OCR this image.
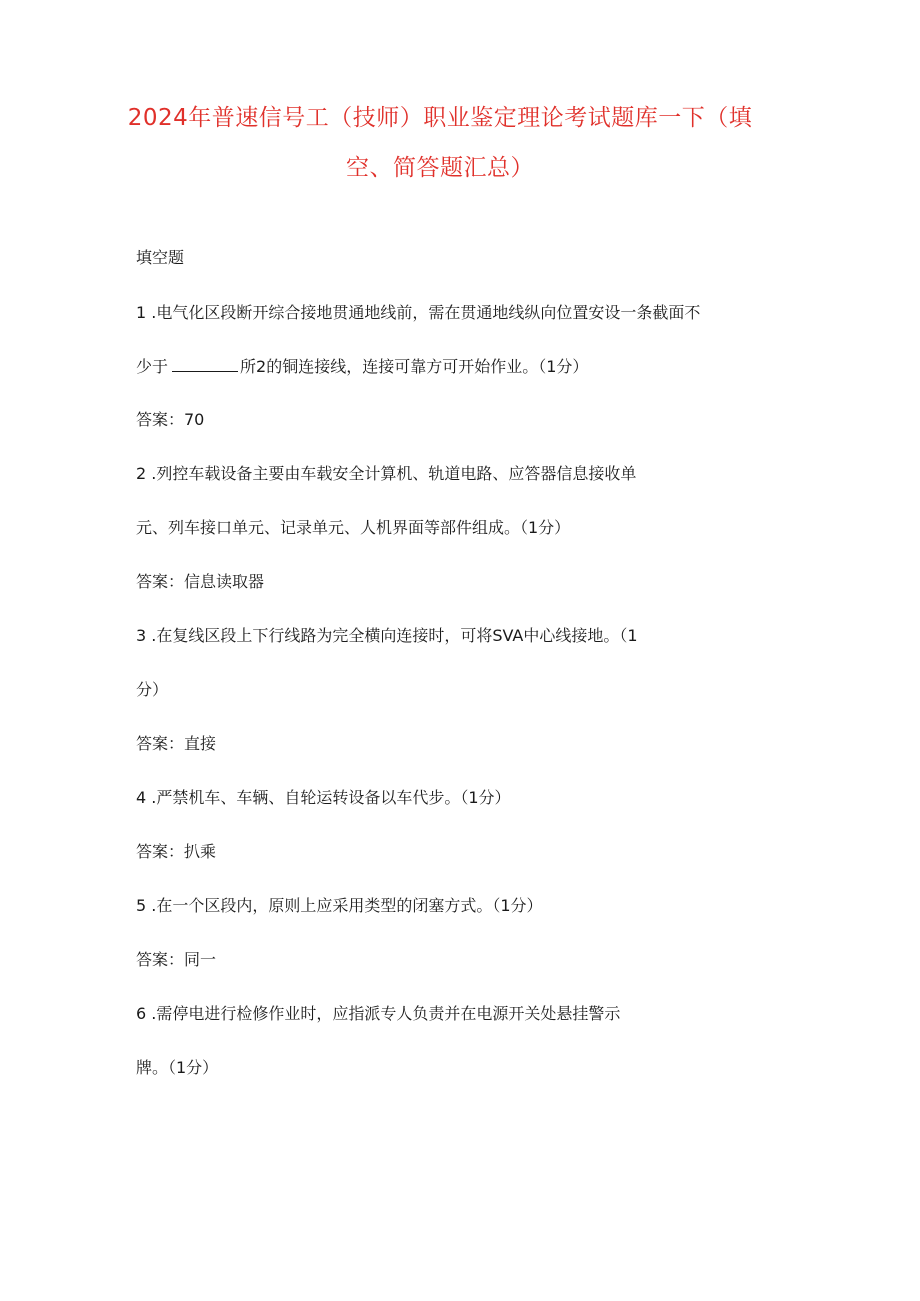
2024年普速信号工（技师）职业鉴定理论考试题库一下（填
空、简答题汇总）
填空题
1 .电气化区段断开综合接地贯通地线前，需在贯通地线纵向位置安设一条截面不
少于	所2的铜连接线，连接可靠方可开始作业。（1分）
答案：70
2 .列控车载设备主要由车载安全计算机、轨道电路、应答器信息接收单
元、列车接口单元、记录单元、人机界面等部件组成。（1分）
答案：信息读取器
3 .在复线区段上下行线路为完全横向连接时，可将SVA中心线接地。（1
分）
答案：直接
4 .严禁机车、车辆、自轮运转设备以车代步。（1分）
答案：扒乘
5 .在一个区段内，原则上应采用类型的闭塞方式。（1分）
答案：同一
6 .需停电进行检修作业时，应指派专人负责并在电源开关处悬挂警示
牌。（1分）
